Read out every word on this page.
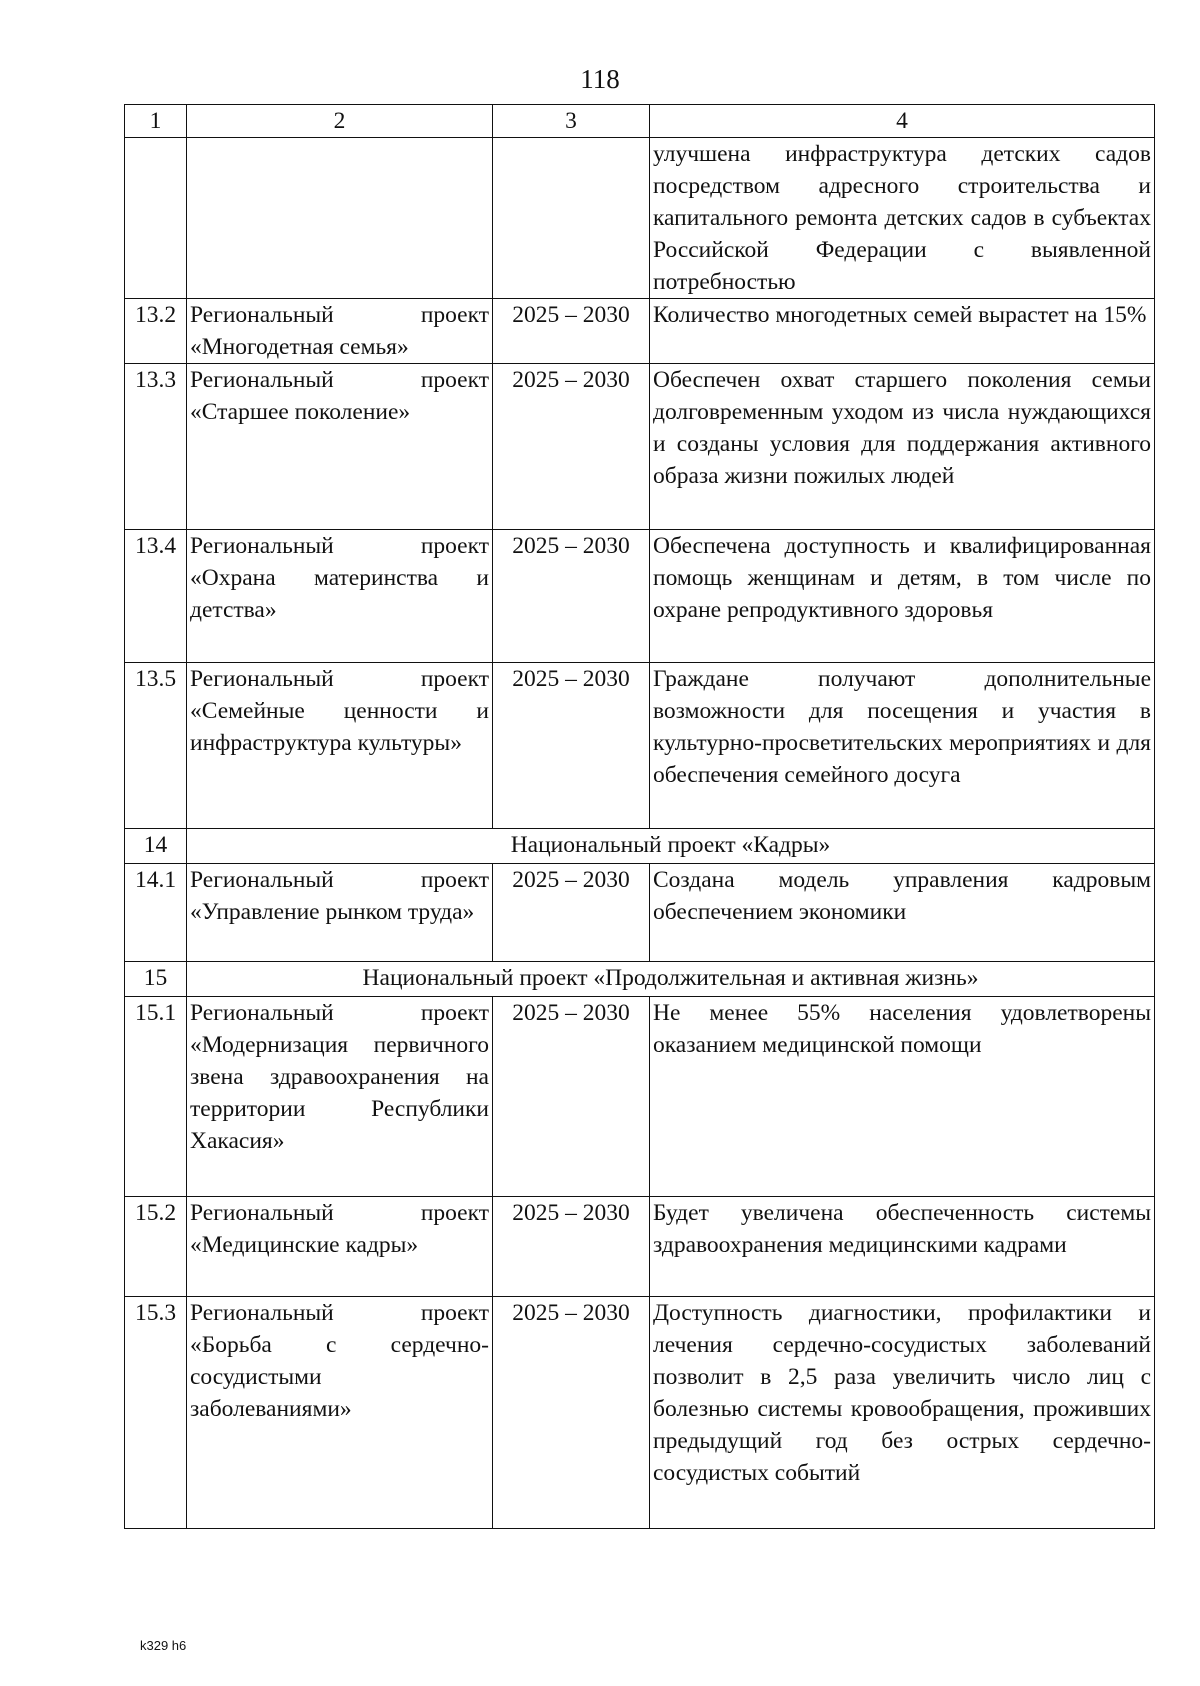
118
1	2	3	4
			улучшена инфраструктура детских садов посредством адресного строительства и капитального ремонта детских садов в субъектах Российской Федерации с выявленной потребностью
13.2	Региональный проект «Многодетная семья»	2025 – 2030	Количество многодетных семей вырастет на 15%
13.3	Региональный проект «Старшее поколение»	2025 – 2030	Обеспечен охват старшего поколения семьи долговременным уходом из числа нуждающихся и созданы условия для поддержания активного образа жизни пожилых людей
13.4	Региональный проект «Охрана материнства и детства»	2025 – 2030	Обеспечена доступность и квалифицированная помощь женщинам и детям, в том числе по охране репродуктивного здоровья
13.5	Региональный проект «Семейные ценности и инфраструктура культуры»	2025 – 2030	Граждане получают дополнительные возможности для посещения и участия в культурно-просветительских мероприятиях и для обеспечения семейного досуга
14	Национальный проект «Кадры»		
14.1	Региональный проект «Управление рынком труда»	2025 – 2030	Создана модель управления кадровым обеспечением экономики
15	Национальный проект «Продолжительная и активная жизнь»		
15.1	Региональный проект «Модернизация первичного звена здравоохранения на территории Республики Хакасия»	2025 – 2030	Не менее 55% населения удовлетворены оказанием медицинской помощи
15.2	Региональный проект «Медицинские кадры»	2025 – 2030	Будет увеличена обеспеченность системы здравоохранения медицинскими кадрами
15.3	Региональный проект «Борьба с сердечно-сосудистыми заболеваниями»	2025 – 2030	Доступность диагностики, профилактики и лечения сердечно-сосудистых заболеваний позволит в 2,5 раза увеличить число лиц с болезнью системы кровообращения, проживших предыдущий год без острых сердечно-сосудистых событий
k329 h6
